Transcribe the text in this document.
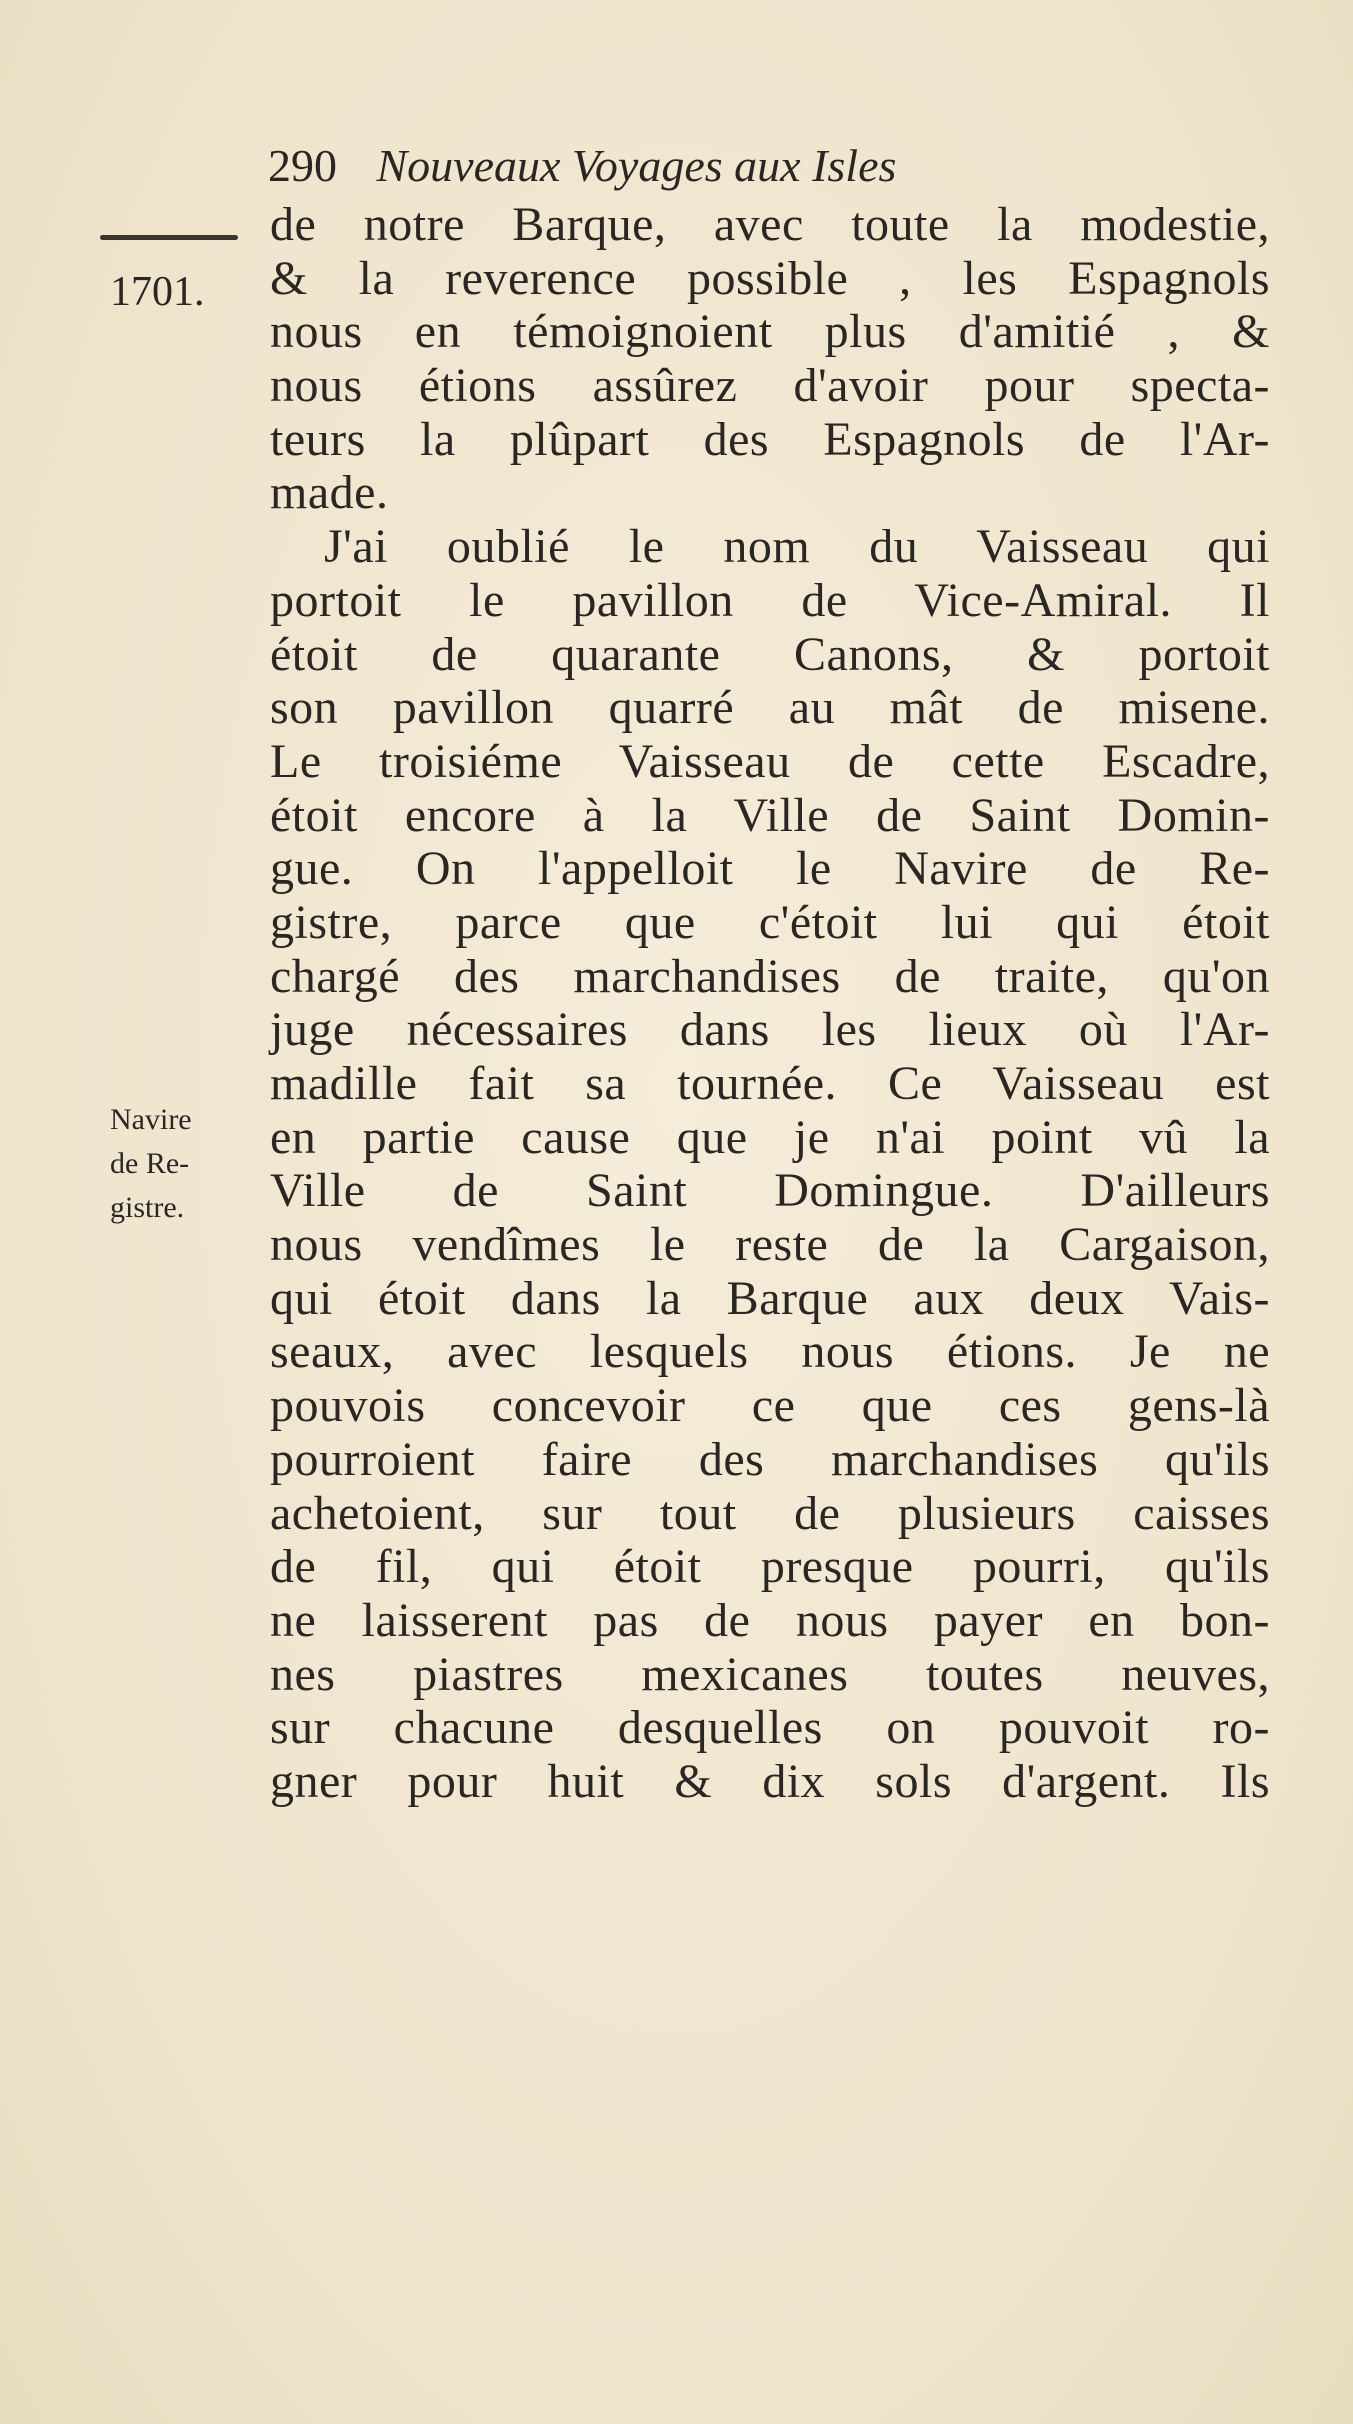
290 Nouveaux Voyages aux Isles
1701.
Navire
de Re-
gistre.
de notre Barque, avec toute la modestie,
& la reverence possible , les Espagnols
nous en témoignoient plus d'amitié , &
nous étions assûrez d'avoir pour specta-
teurs la plûpart des Espagnols de l'Ar-
made.
J'ai oublié le nom du Vaisseau qui
portoit le pavillon de Vice-Amiral. Il
étoit de quarante Canons, & portoit
son pavillon quarré au mât de misene.
Le troisiéme Vaisseau de cette Escadre,
étoit encore à la Ville de Saint Domin-
gue. On l'appelloit le Navire de Re-
gistre, parce que c'étoit lui qui étoit
chargé des marchandises de traite, qu'on
juge nécessaires dans les lieux où l'Ar-
madille fait sa tournée. Ce Vaisseau est
en partie cause que je n'ai point vû la
Ville de Saint Domingue. D'ailleurs
nous vendîmes le reste de la Cargaison,
qui étoit dans la Barque aux deux Vais-
seaux, avec lesquels nous étions. Je ne
pouvois concevoir ce que ces gens-là
pourroient faire des marchandises qu'ils
achetoient, sur tout de plusieurs caisses
de fil, qui étoit presque pourri, qu'ils
ne laisserent pas de nous payer en bon-
nes piastres mexicanes toutes neuves,
sur chacune desquelles on pouvoit ro-
gner pour huit & dix sols d'argent. Ils
